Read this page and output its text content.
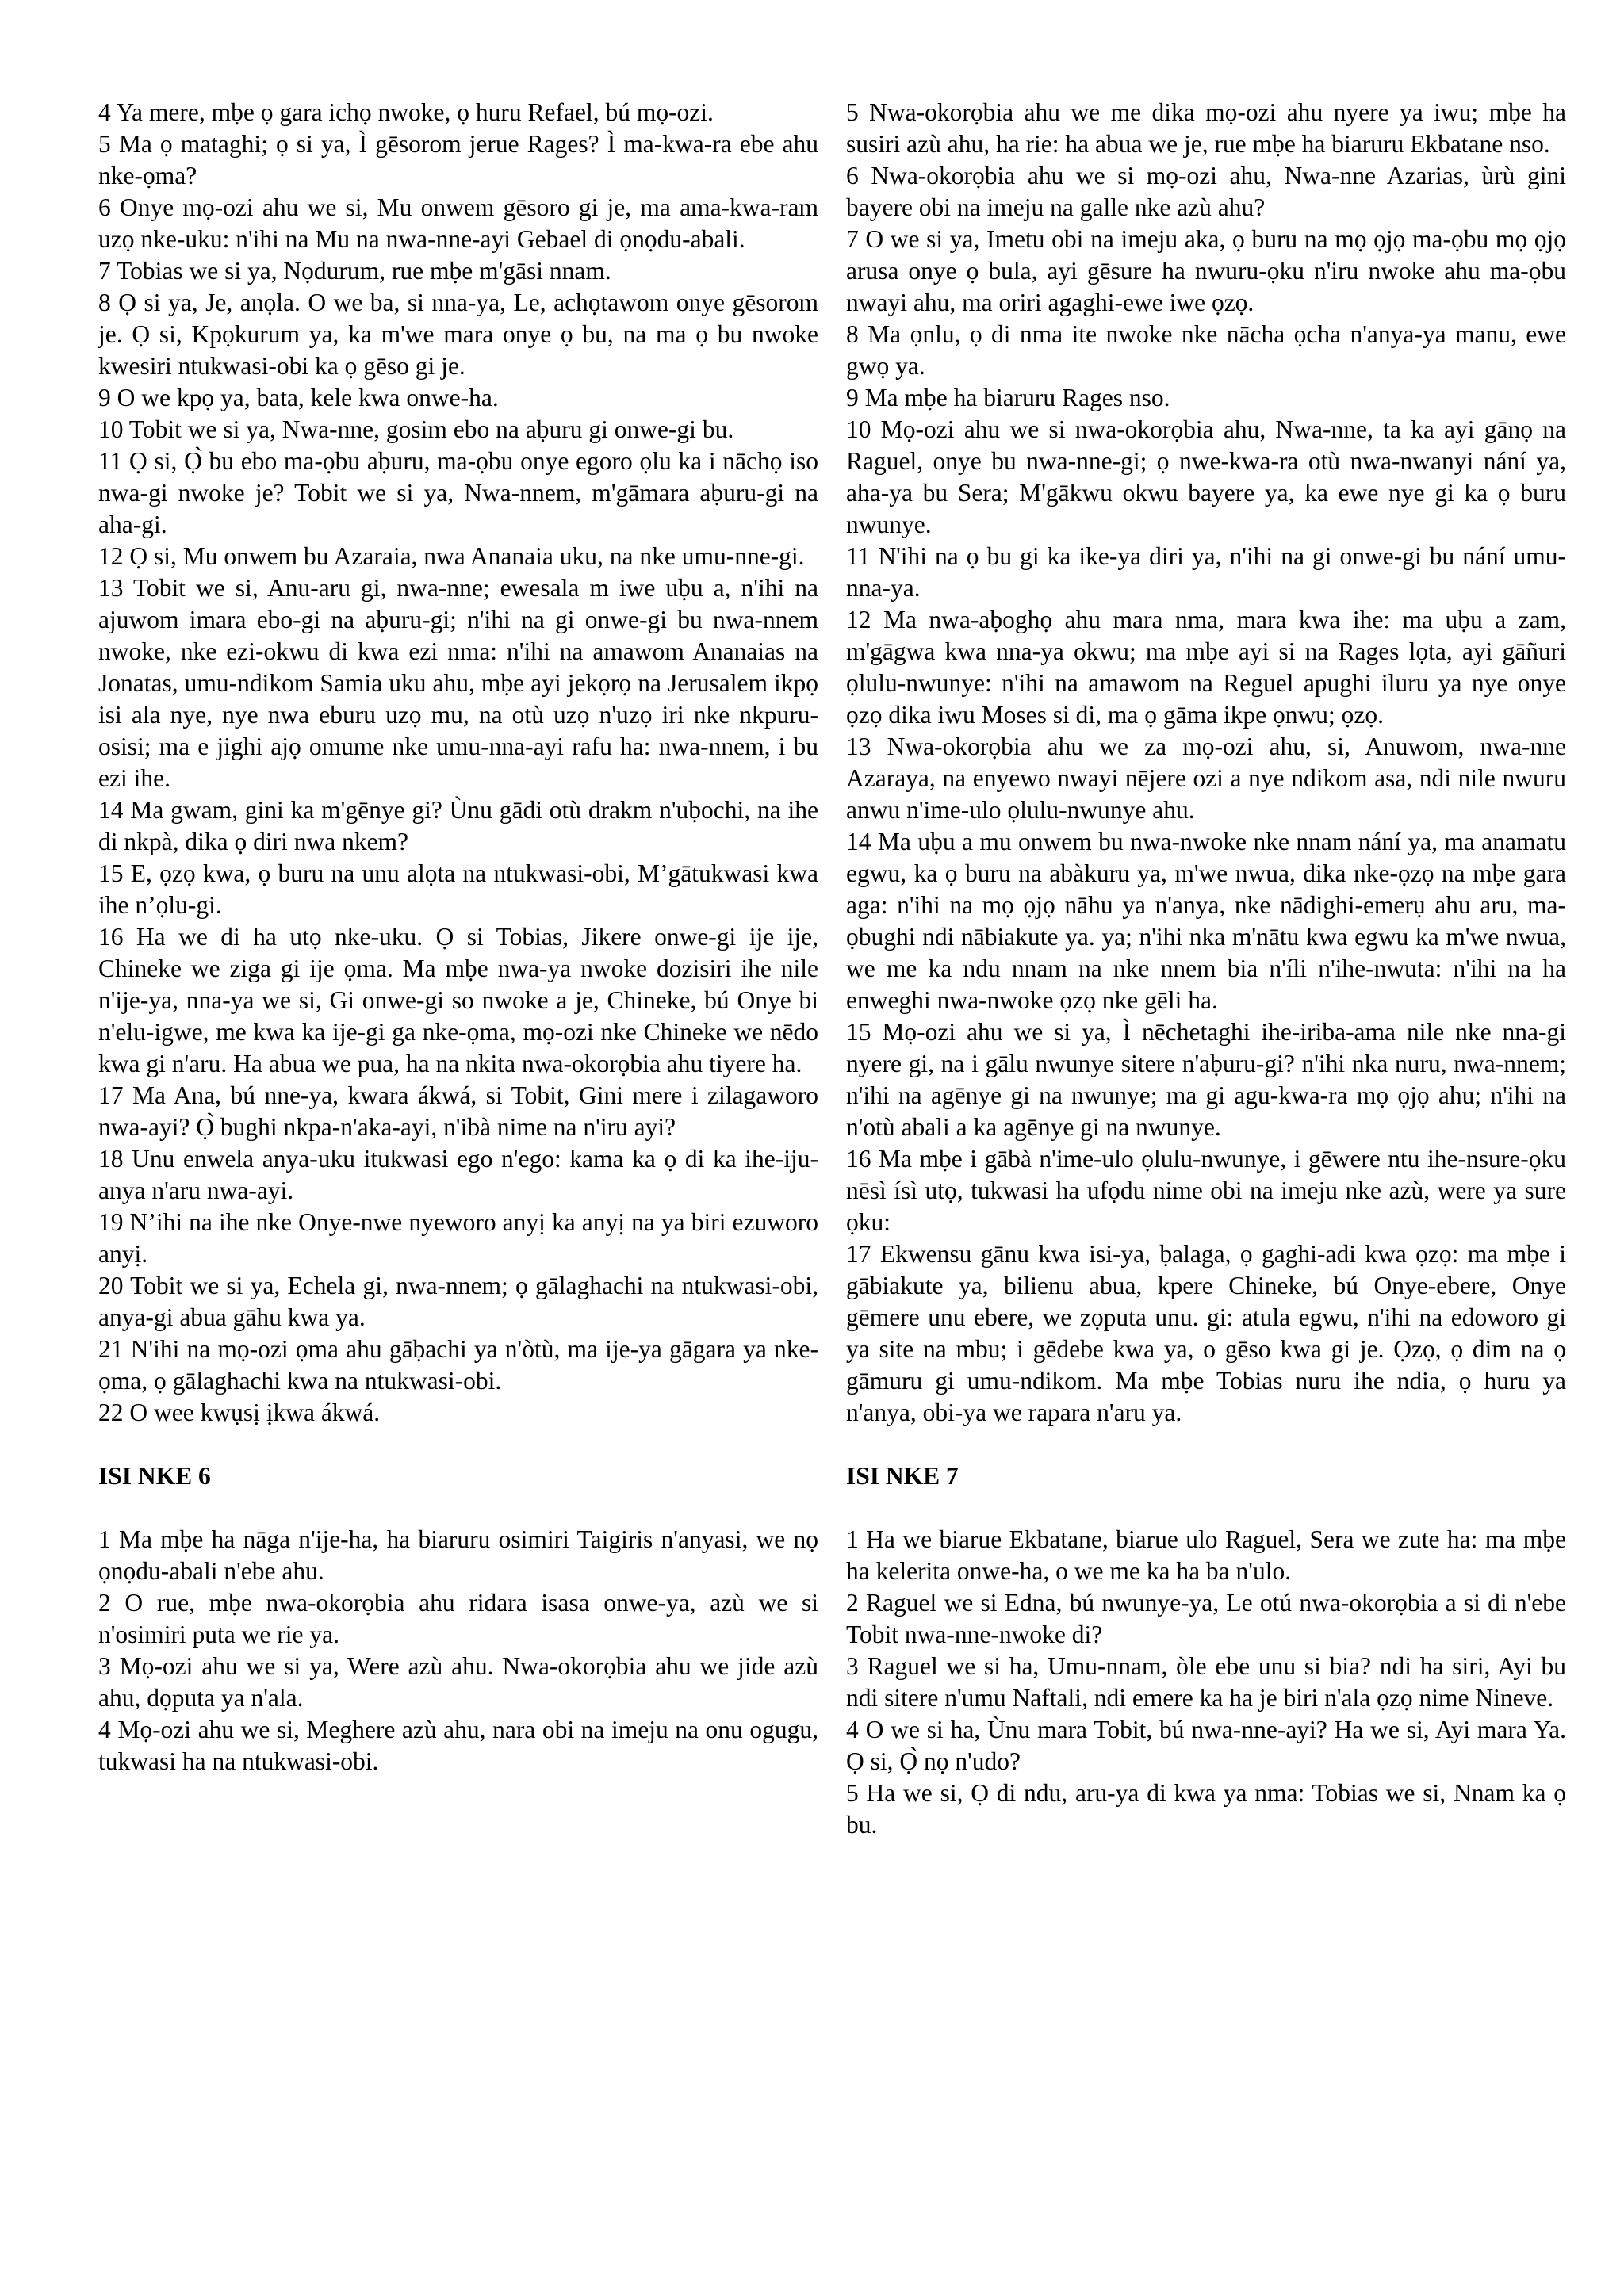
4 Ya mere, mḅe ọ gara ichọ nwoke, ọ huru Refael, bú mọ-ozi.

5 Ma ọ mataghi; ọ si ya, Ì gēsorom jerue Rages? Ì ma-kwa-ra ebe ahu nke-ọma?

6 Onye mọ-ozi ahu we si, Mu onwem gēsoro gi je, ma ama-kwa-ram uzọ nke-uku: n'ihi na Mu na nwa-nne-ayi Gebael di ọnọdu-abali.

7 Tobias we si ya, Nọdurum, rue mḅe m'gāsi nnam.

8 Ọ si ya, Je, anọla. O we ba, si nna-ya, Le, achọtawom onye gēsorom je. Ọ si, Kpọkurum ya, ka m'we mara onye ọ bu, na ma ọ bu nwoke kwesiri ntukwasi-obi ka ọ gēso gi je.

9 O we kpọ ya, bata, kele kwa onwe-ha.

10 Tobit we si ya, Nwa-nne, gosim ebo na aḅuru gi onwe-gi bu.

11 Ọ si, Ọ̀ bu ebo ma-ọbu aḅuru, ma-ọbu onye egoro ọlu ka i nāchọ iso nwa-gi nwoke je? Tobit we si ya, Nwa-nnem, m'gāmara aḅuru-gi na aha-gi.

12 Ọ si, Mu onwem bu Azaraia, nwa Ananaia uku, na nke umu-nne-gi.

13 Tobit we si, Anu-aru gi, nwa-nne; ewesala m iwe uḅu a, n'ihi na ajuwom imara ebo-gi na aḅuru-gi; n'ihi na gi onwe-gi bu nwa-nnem nwoke, nke ezi-okwu di kwa ezi nma: n'ihi na amawom Ananaias na Jonatas, umu-ndikom Samia uku ahu, mḅe ayi jekọrọ na Jerusalem ikpọ isi ala nye, nye nwa eburu uzọ mu, na otù uzọ n'uzọ iri nke nkpuru-osisi; ma e jighi ajọ omume nke umu-nna-ayi rafu ha: nwa-nnem, i bu ezi ihe.

14 Ma gwam, gini ka m'gēnye gi? Ùnu gādi otù drakm n'uḅochi, na ihe di nkpà, dika ọ diri nwa nkem?

15 E, ọzọ kwa, ọ buru na unu alọta na ntukwasi-obi, M’gātukwasi kwa ihe n’ọlu-gi.

16 Ha we di ha utọ nke-uku. Ọ si Tobias, Jikere onwe-gi ije ije, Chineke we ziga gi ije ọma. Ma mḅe nwa-ya nwoke dozisiri ihe nile n'ije-ya, nna-ya we si, Gi onwe-gi so nwoke a je, Chineke, bú Onye bi n'elu-igwe, me kwa ka ije-gi ga nke-ọma, mọ-ozi nke Chineke we nēdo kwa gi n'aru. Ha abua we pua, ha na nkita nwa-okorọbia ahu tiyere ha.

17 Ma Ana, bú nne-ya, kwara ákwá, si Tobit, Gini mere i zilagaworo nwa-ayi? Ọ̀ bughi nkpa-n'aka-ayi, n'ibà nime na n'iru ayi?

18 Unu enwela anya-uku itukwasi ego n'ego: kama ka ọ di ka ihe-iju-anya n'aru nwa-ayi.

19 N’ihi na ihe nke Onye-nwe nyeworo anyị ka anyị na ya biri ezuworo anyị.

20 Tobit we si ya, Echela gi, nwa-nnem; ọ gālaghachi na ntukwasi-obi, anya-gi abua gāhu kwa ya.

21 N'ihi na mọ-ozi ọma ahu gāḅachi ya n'òtù, ma ije-ya gāgara ya nke-ọma, ọ gālaghachi kwa na ntukwasi-obi.

22 O wee kwụsị ịkwa ákwá.

ISI NKE 6

1 Ma mḅe ha nāga n'ije-ha, ha biaruru osimiri Taigiris n'anyasi, we nọ ọnọdu-abali n'ebe ahu.

2 O rue, mḅe nwa-okorọbia ahu ridara isasa onwe-ya, azù we si n'osimiri puta we rie ya.

3 Mọ-ozi ahu we si ya, Were azù ahu. Nwa-okorọbia ahu we jide azù ahu, dọputa ya n'ala.

4 Mọ-ozi ahu we si, Meghere azù ahu, nara obi na imeju na onu ogugu, tukwasi ha na ntukwasi-obi.

5 Nwa-okorọbia ahu we me dika mọ-ozi ahu nyere ya iwu; mḅe ha susiri azù ahu, ha rie: ha abua we je, rue mḅe ha biaruru Ekbatane nso.

6 Nwa-okorọbia ahu we si mọ-ozi ahu, Nwa-nne Azarias, ùrù gini bayere obi na imeju na galle nke azù ahu?

7 O we si ya, Imetu obi na imeju aka, ọ buru na mọ ọjọ ma-ọbu mọ ọjọ arusa onye ọ bula, ayi gēsure ha nwuru-ọku n'iru nwoke ahu ma-ọbu nwayi ahu, ma oriri agaghi-ewe iwe ọzọ.

8 Ma ọnlu, ọ di nma ite nwoke nke nācha ọcha n'anya-ya manu, ewe gwọ ya.

9 Ma mḅe ha biaruru Rages nso.

10 Mọ-ozi ahu we si nwa-okorọbia ahu, Nwa-nne, ta ka ayi gānọ na Raguel, onye bu nwa-nne-gi; ọ nwe-kwa-ra otù nwa-nwanyi nání ya, aha-ya bu Sera; M'gākwu okwu bayere ya, ka ewe nye gi ka ọ buru nwunye.

11 N'ihi na ọ bu gi ka ike-ya diri ya, n'ihi na gi onwe-gi bu nání umu-nna-ya.

12 Ma nwa-aḅoghọ ahu mara nma, mara kwa ihe: ma uḅu a zam, m'gāgwa kwa nna-ya okwu; ma mḅe ayi si na Rages lọta, ayi gāñuri ọlulu-nwunye: n'ihi na amawom na Reguel apughi iluru ya nye onye ọzọ dika iwu Moses si di, ma ọ gāma ikpe ọnwu; ọzọ.

13 Nwa-okorọbia ahu we za mọ-ozi ahu, si, Anuwom, nwa-nne Azaraya, na enyewo nwayi nējere ozi a nye ndikom asa, ndi nile nwuru anwu n'ime-ulo ọlulu-nwunye ahu.

14 Ma uḅu a mu onwem bu nwa-nwoke nke nnam nání ya, ma anamatu egwu, ka ọ buru na abàkuru ya, m'we nwua, dika nke-ọzọ na mḅe gara aga: n'ihi na mọ ọjọ nāhu ya n'anya, nke nādighi-emerụ ahu aru, ma-ọbughi ndi nābiakute ya. ya; n'ihi nka m'nātu kwa egwu ka m'we nwua, we me ka ndu nnam na nke nnem bia n'íli n'ihe-nwuta: n'ihi na ha enweghi nwa-nwoke ọzọ nke gēli ha.

15 Mọ-ozi ahu we si ya, Ì nēchetaghi ihe-iriba-ama nile nke nna-gi nyere gi, na i gālu nwunye sitere n'aḅuru-gi? n'ihi nka nuru, nwa-nnem; n'ihi na agēnye gi na nwunye; ma gi agu-kwa-ra mọ ọjọ ahu; n'ihi na n'otù abali a ka agēnye gi na nwunye.

16 Ma mḅe i gābà n'ime-ulo ọlulu-nwunye, i gēwere ntu ihe-nsure-ọku nēsì ísì utọ, tukwasi ha ufọdu nime obi na imeju nke azù, were ya sure ọku:

17 Ekwensu gānu kwa isi-ya, ḅalaga, ọ gaghi-adi kwa ọzọ: ma mḅe i gābiakute ya, bilienu abua, kpere Chineke, bú Onye-ebere, Onye gēmere unu ebere, we zọputa unu. gi: atula egwu, n'ihi na edoworo gi ya site na mbu; i gēdebe kwa ya, o gēso kwa gi je. Ọzọ, ọ dim na ọ gāmuru gi umu-ndikom. Ma mḅe Tobias nuru ihe ndia, ọ huru ya n'anya, obi-ya we rapara n'aru ya.

ISI NKE 7

1 Ha we biarue Ekbatane, biarue ulo Raguel, Sera we zute ha: ma mḅe ha kelerita onwe-ha, o we me ka ha ba n'ulo.

2 Raguel we si Edna, bú nwunye-ya, Le otú nwa-okorọbia a si di n'ebe Tobit nwa-nne-nwoke di?

3 Raguel we si ha, Umu-nnam, òle ebe unu si bia? ndi ha siri, Ayi bu ndi sitere n'umu Naftali, ndi emere ka ha je biri n'ala ọzọ nime Nineve.

4 O we si ha, Ùnu mara Tobit, bú nwa-nne-ayi? Ha we si, Ayi mara Ya. Ọ si, Ọ̀ nọ n'udo?

5 Ha we si, Ọ di ndu, aru-ya di kwa ya nma: Tobias we si, Nnam ka ọ bu.
